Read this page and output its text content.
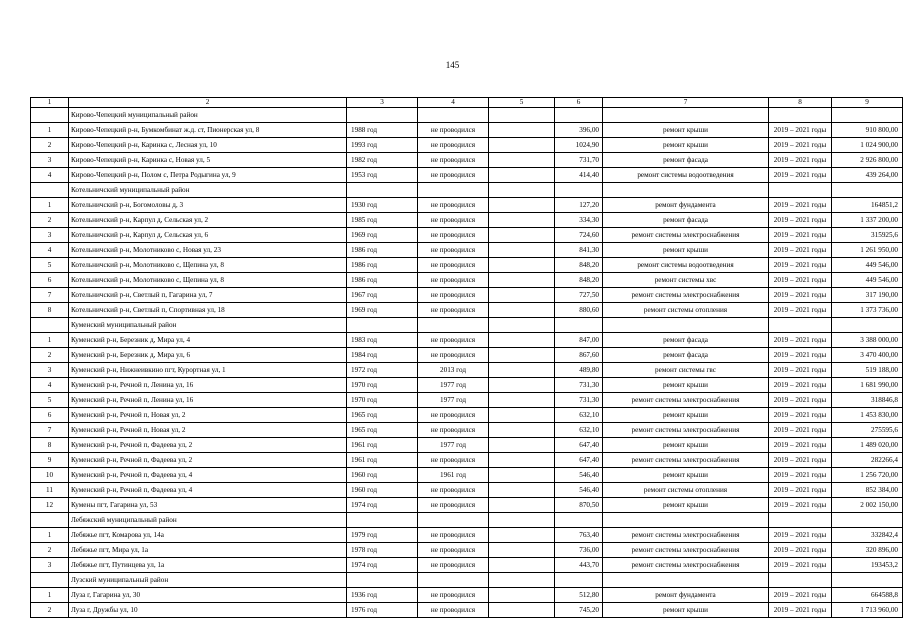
145
1	2	3	4	5	6	7	8	9
	Кирово-Чепецкий муниципальный район							
1	Кирово-Чепецкий р-н, Бумкомбинат ж.д. ст, Пионерская ул, 8	1988 год	не проводился		396,00	ремонт крыши	2019 – 2021 годы	910 800,00
2	Кирово-Чепецкий р-н, Каринка с, Лесная ул, 10	1993 год	не проводился		1024,90	ремонт крыши	2019 – 2021 годы	1 024 900,00
3	Кирово-Чепецкий р-н, Каринка с, Новая ул, 5	1982 год	не проводился		731,70	ремонт фасада	2019 – 2021 годы	2 926 800,00
4	Кирово-Чепецкий р-н, Полом с, Петра Родыгина ул, 9	1953 год	не проводился		414,40	ремонт системы водоотведения	2019 – 2021 годы	439 264,00
	Котельничский муниципальный район							
1	Котельничский р-н, Богомоловы д, 3	1930 год	не проводился		127,20	ремонт фундамента	2019 – 2021 годы	164851,2
2	Котельничский р-н, Карпул д, Сельская ул, 2	1985 год	не проводился		334,30	ремонт фасада	2019 – 2021 годы	1 337 200,00
3	Котельничский р-н, Карпул д, Сельская ул, 6	1969 год	не проводился		724,60	ремонт системы электроснабжения	2019 – 2021 годы	315925,6
4	Котельничский р-н, Молотниково с, Новая ул, 23	1986 год	не проводился		841,30	ремонт крыши	2019 – 2021 годы	1 261 950,00
5	Котельничский р-н, Молотниково с, Щепина ул, 8	1986 год	не проводился		848,20	ремонт системы водоотведения	2019 – 2021 годы	449 546,00
6	Котельничский р-н, Молотниково с, Щепина ул, 8	1986 год	не проводился		848,20	ремонт системы хвс	2019 – 2021 годы	449 546,00
7	Котельничский р-н, Светлый п, Гагарина ул, 7	1967 год	не проводился		727,50	ремонт системы электроснабжения	2019 – 2021 годы	317 190,00
8	Котельничский р-н, Светлый п, Спортивная ул, 18	1969 год	не проводился		880,60	ремонт системы отопления	2019 – 2021 годы	1 373 736,00
	Куменский муниципальный район							
1	Куменский р-н, Березник д, Мира ул, 4	1983 год	не проводился		847,00	ремонт фасада	2019 – 2021 годы	3 388 000,00
2	Куменский р-н, Березник д, Мира ул, 6	1984 год	не проводился		867,60	ремонт фасада	2019 – 2021 годы	3 470 400,00
3	Куменский р-н, Нижнеивкино пгт, Курортная ул, 1	1972 год	2013 год		489,80	ремонт системы гвс	2019 – 2021 годы	519 188,00
4	Куменский р-н, Речной п, Ленина ул, 16	1970 год	1977 год		731,30	ремонт крыши	2019 – 2021 годы	1 681 990,00
5	Куменский р-н, Речной п, Ленина ул, 16	1970 год	1977 год		731,30	ремонт системы электроснабжения	2019 – 2021 годы	318846,8
6	Куменский р-н, Речной п, Новая ул, 2	1965 год	не проводился		632,10	ремонт крыши	2019 – 2021 годы	1 453 830,00
7	Куменский р-н, Речной п, Новая ул, 2	1965 год	не проводился		632,10	ремонт системы электроснабжения	2019 – 2021 годы	275595,6
8	Куменский р-н, Речной п, Фадеева ул, 2	1961 год	1977 год		647,40	ремонт крыши	2019 – 2021 годы	1 489 020,00
9	Куменский р-н, Речной п, Фадеева ул, 2	1961 год	не проводился		647,40	ремонт системы электроснабжения	2019 – 2021 годы	282266,4
10	Куменский р-н, Речной п, Фадеева ул, 4	1960 год	1961 год		546,40	ремонт крыши	2019 – 2021 годы	1 256 720,00
11	Куменский р-н, Речной п, Фадеева ул, 4	1960 год	не проводился		546,40	ремонт системы отопления	2019 – 2021 годы	852 384,00
12	Кумены пгт, Гагарина ул, 53	1974 год	не проводился		870,50	ремонт крыши	2019 – 2021 годы	2 002 150,00
	Лебяжский муниципальный район							
1	Лебяжье пгт, Комарова ул, 14а	1979 год	не проводился		763,40	ремонт системы электроснабжения	2019 – 2021 годы	332842,4
2	Лебяжье пгт, Мира ул, 1а	1978 год	не проводился		736,00	ремонт системы электроснабжения	2019 – 2021 годы	320 896,00
3	Лебяжье пгт, Путинцева ул, 1а	1974 год	не проводился		443,70	ремонт системы электроснабжения	2019 – 2021 годы	193453,2
	Лузский муниципальный район							
1	Луза г, Гагарина ул, 30	1936 год	не проводился		512,80	ремонт фундамента	2019 – 2021 годы	664588,8
2	Луза г, Дружбы ул, 10	1976 год	не проводился		745,20	ремонт крыши	2019 – 2021 годы	1 713 960,00
